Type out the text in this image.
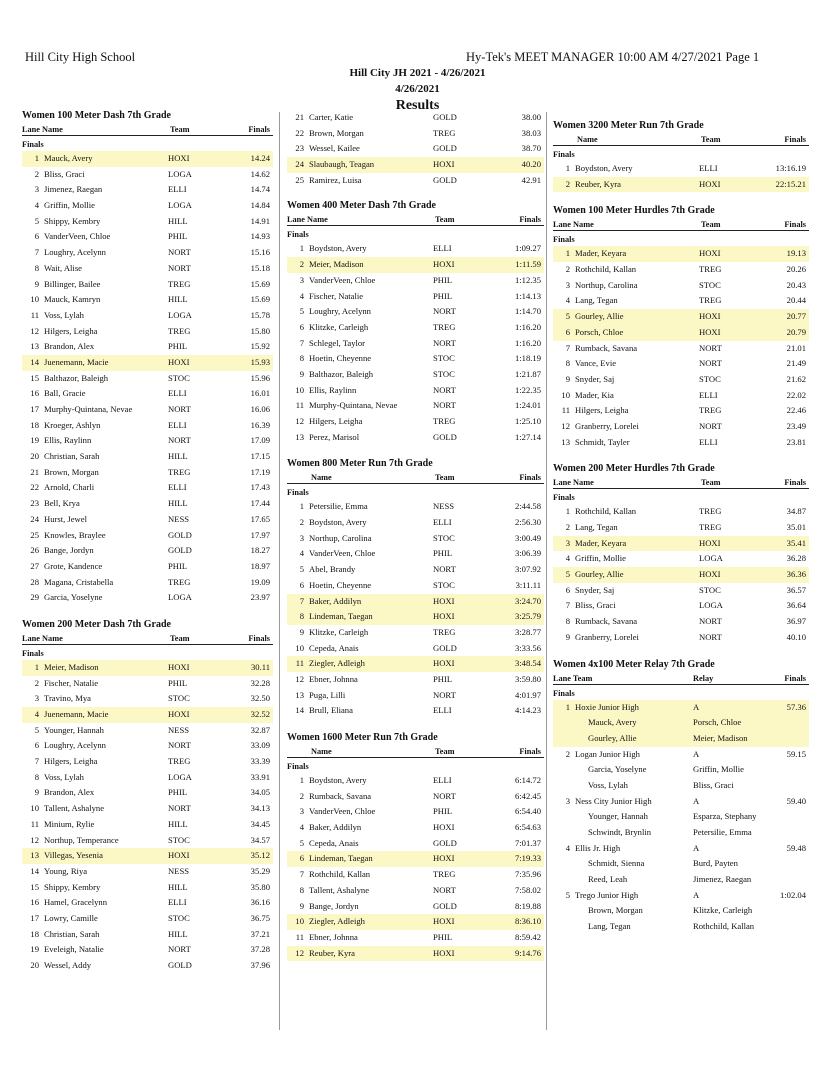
Hill City High School	Hy-Tek's MEET MANAGER 10:00 AM 4/27/2021 Page 1
Hill City JH 2021 - 4/26/2021
4/26/2021
Results
Women 100 Meter Dash 7th Grade
Lane Name	Team	Finals
Finals
1 Mauck, Avery	HOXI	14.24
2 Bliss, Graci	LOGA	14.62
3 Jimenez, Raegan	ELLI	14.74
4 Griffin, Mollie	LOGA	14.84
5 Shippy, Kembry	HILL	14.91
6 VanderVeen, Chloe	PHIL	14.93
7 Loughry, Acelynn	NORT	15.16
8 Wait, Alise	NORT	15.18
9 Billinger, Bailee	TREG	15.69
10 Mauck, Kamryn	HILL	15.69
11 Voss, Lylah	LOGA	15.78
12 Hilgers, Leigha	TREG	15.80
13 Brandon, Alex	PHIL	15.92
14 Juenemann, Macie	HOXI	15.93
15 Balthazor, Baleigh	STOC	15.96
16 Ball, Gracie	ELLI	16.01
17 Murphy-Quintana, Nevae	NORT	16.06
18 Kroeger, Ashlyn	ELLI	16.39
19 Ellis, Raylinn	NORT	17.09
20 Christian, Sarah	HILL	17.15
21 Brown, Morgan	TREG	17.19
22 Arnold, Charli	ELLI	17.43
23 Bell, Krya	HILL	17.44
24 Hurst, Jewel	NESS	17.65
25 Knowles, Braylee	GOLD	17.97
26 Bange, Jordyn	GOLD	18.27
27 Grote, Kandence	PHIL	18.97
28 Magana, Cristabella	TREG	19.09
29 Garcia, Yoselyne	LOGA	23.97
Women 200 Meter Dash 7th Grade
Lane Name	Team	Finals
Finals
1 Meier, Madison	HOXI	30.11
2 Fischer, Natalie	PHIL	32.28
3 Travino, Mya	STOC	32.50
4 Juenemann, Macie	HOXI	32.52
5 Younger, Hannah	NESS	32.87
6 Loughry, Acelynn	NORT	33.09
7 Hilgers, Leigha	TREG	33.39
8 Voss, Lylah	LOGA	33.91
9 Brandon, Alex	PHIL	34.05
10 Tallent, Ashalyne	NORT	34.13
11 Minium, Rylie	HILL	34.45
12 Northup, Temperance	STOC	34.57
13 Villegas, Yesenia	HOXI	35.12
14 Young, Riya	NESS	35.29
15 Shippy, Kembry	HILL	35.80
16 Hamel, Gracelynn	ELLI	36.16
17 Lowry, Camille	STOC	36.75
18 Christian, Sarah	HILL	37.21
19 Eveleigh, Natalie	NORT	37.28
20 Wessel, Addy	GOLD	37.96
21 Carter, Katie	GOLD	38.00
22 Brown, Morgan	TREG	38.03
23 Wessel, Kailee	GOLD	38.70
24 Slaubaugh, Teagan	HOXI	40.20
25 Ramirez, Luisa	GOLD	42.91
Women 400 Meter Dash 7th Grade
Lane Name	Team	Finals
Finals
1 Boydston, Avery	ELLI	1:09.27
2 Meier, Madison	HOXI	1:11.59
3 VanderVeen, Chloe	PHIL	1:12.35
4 Fischer, Natalie	PHIL	1:14.13
5 Loughry, Acelynn	NORT	1:14.70
6 Klitzke, Carleigh	TREG	1:16.20
7 Schlegel, Taylor	NORT	1:16.20
8 Hoetin, Cheyenne	STOC	1:18.19
9 Balthazor, Baleigh	STOC	1:21.87
10 Ellis, Raylinn	NORT	1:22.35
11 Murphy-Quintana, Nevae	NORT	1:24.01
12 Hilgers, Leigha	TREG	1:25.10
13 Perez, Marisol	GOLD	1:27.14
Women 800 Meter Run 7th Grade
Name	Team	Finals
Finals
1 Petersilie, Emma	NESS	2:44.58
2 Boydston, Avery	ELLI	2:56.30
3 Northup, Carolina	STOC	3:00.49
4 VanderVeen, Chloe	PHIL	3:06.39
5 Abel, Brandy	NORT	3:07.92
6 Hoetin, Cheyenne	STOC	3:11.11
7 Baker, Addilyn	HOXI	3:24.70
8 Lindeman, Taegan	HOXI	3:25.79
9 Klitzke, Carleigh	TREG	3:28.77
10 Cepeda, Anais	GOLD	3:33.56
11 Ziegler, Adleigh	HOXI	3:48.54
12 Ebner, Johnna	PHIL	3:59.80
13 Puga, Lilli	NORT	4:01.97
14 Brull, Eliana	ELLI	4:14.23
Women 1600 Meter Run 7th Grade
Name	Team	Finals
Finals
1 Boydston, Avery	ELLI	6:14.72
2 Rumback, Savana	NORT	6:42.45
3 VanderVeen, Chloe	PHIL	6:54.40
4 Baker, Addilyn	HOXI	6:54.63
5 Cepeda, Anais	GOLD	7:01.37
6 Lindeman, Taegan	HOXI	7:19.33
7 Rothchild, Kallan	TREG	7:35.96
8 Tallent, Ashalyne	NORT	7:58.02
9 Bange, Jordyn	GOLD	8:19.88
10 Ziegler, Adleigh	HOXI	8:36.10
11 Ebner, Johnna	PHIL	8:59.42
12 Reuber, Kyra	HOXI	9:14.76
Women 3200 Meter Run 7th Grade
Name	Team	Finals
Finals
1 Boydston, Avery	ELLI	13:16.19
2 Reuber, Kyra	HOXI	22:15.21
Women 100 Meter Hurdles 7th Grade
Lane Name	Team	Finals
Finals
1 Mader, Keyara	HOXI	19.13
2 Rothchild, Kallan	TREG	20.26
3 Northup, Carolina	STOC	20.43
4 Lang, Tegan	TREG	20.44
5 Gourley, Allie	HOXI	20.77
6 Porsch, Chloe	HOXI	20.79
7 Rumback, Savana	NORT	21.01
8 Vance, Evie	NORT	21.49
9 Snyder, Saj	STOC	21.62
10 Mader, Kia	ELLI	22.02
11 Hilgers, Leigha	TREG	22.46
12 Granberry, Lorelei	NORT	23.49
13 Schmidt, Tayler	ELLI	23.81
Women 200 Meter Hurdles 7th Grade
Lane Name	Team	Finals
Finals
1 Rothchild, Kallan	TREG	34.87
2 Lang, Tegan	TREG	35.01
3 Mader, Keyara	HOXI	35.41
4 Griffin, Mollie	LOGA	36.28
5 Gourley, Allie	HOXI	36.36
6 Snyder, Saj	STOC	36.57
7 Bliss, Graci	LOGA	36.64
8 Rumback, Savana	NORT	36.97
9 Granberry, Lorelei	NORT	40.10
Women 4x100 Meter Relay 7th Grade
Lane Team	Relay	Finals
Finals
1 Hoxie Junior High	A	57.36
Mauck, Avery	Porsch, Chloe
Gourley, Allie	Meier, Madison
2 Logan Junior High	A	59.15
Garcia, Yoselyne	Griffin, Mollie
Voss, Lylah	Bliss, Graci
3 Ness City Junior High	A	59.40
Younger, Hannah	Esparza, Stephany
Schwindt, Brynlin	Petersilie, Emma
4 Ellis Jr. High	A	59.48
Schmidt, Sienna	Burd, Payten
Reed, Leah	Jimenez, Raegan
5 Trego Junior High	A	1:02.04
Brown, Morgan	Klitzke, Carleigh
Lang, Tegan	Rothchild, Kallan
